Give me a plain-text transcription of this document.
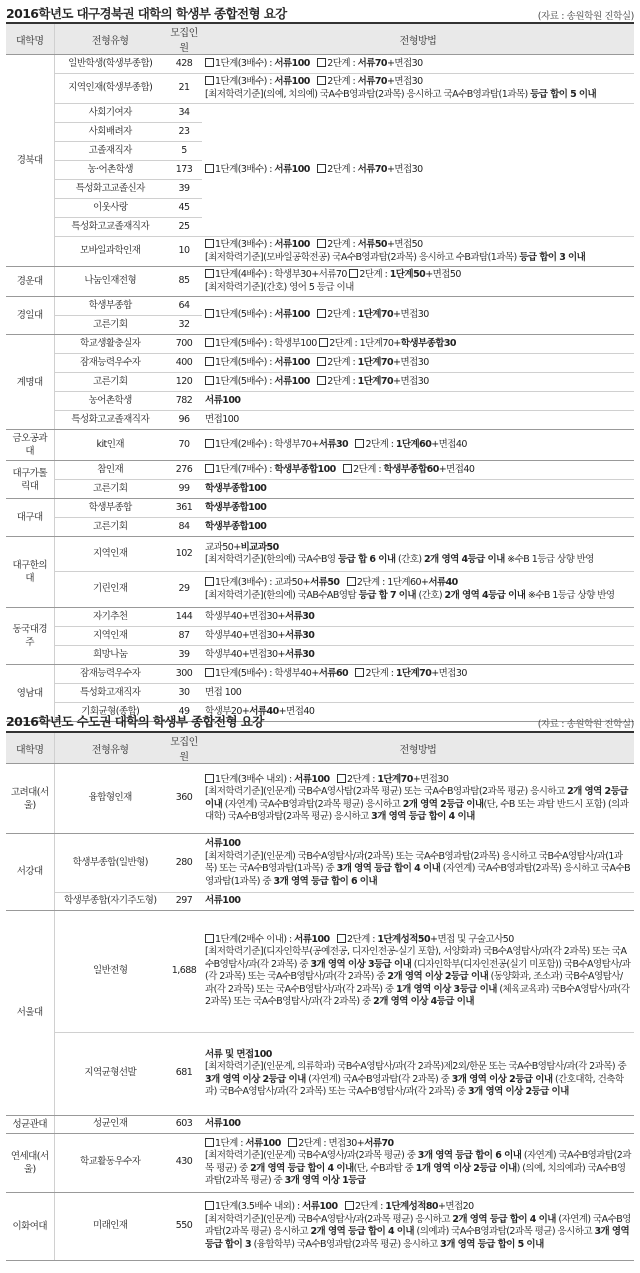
2016학년도 대구경북권 대학의 학생부 종합전형 요강	(자료 : 송원학원 진학실)
대학명	전형유형	모집인원	전형방법
경북대	일반학생(학생부종합)	428	1단계(3배수) : 서류100 2단계 : 서류70+면접30

	지역인재(학생부종합)	21	1단계(3배수) : 서류100 2단계 : 서류70+면접30
[최저학력기준](의예, 치의예) 국A수B영과탐(2과목) 응시하고 국A수B영과탐(1과목) 등급 합이 5 이내

	사회기여자	34	1단계(3배수) : 서류100 2단계 : 서류70+면접30

	사회배려자	23	
	고졸재직자	5	
	농·어촌학생	173	
	특성화고교졸신자	39	
	이웃사랑	45	
	특성화고교졸재직자	25	
	모바일과학인재	10	1단계(3배수) : 서류100 2단계 : 서류50+면접50
[최저학력기준](모바일공학전공) 국A수B영과탐(2과목) 응시하고 수B과탐(1과목) 등급 합이 3 이내

경운대	나눔인재전형	85	1단계(4배수) : 학생부30+서류70 2단계 : 1단계50+면접50
[최저학력기준](간호) 영어 5 등급 이내

경일대	학생부종합	64	1단계(5배수) : 서류100 2단계 : 1단계70+면접30

	고른기회	32	
계명대	학교생활충실자	700	1단계(5배수) : 학생부100 2단계 : 1단계70+학생부종합30

	잠재능력우수자	400	1단계(5배수) : 서류100 2단계 : 1단계70+면접30

	고른기회	120	1단계(5배수) : 서류100 2단계 : 1단계70+면접30

	농어촌학생	782	서류100

	특성화고교졸재직자	96	면접100

금오공과대	kit인재	70	1단계(2배수) : 학생부70+서류30 2단계 : 1단계60+면접40

대구가톨릭대	참인재	276	1단계(7배수) : 학생부종합100 2단계 : 학생부종합60+면접40

	고른기회	99	학생부종합100

대구대	학생부종합	361	학생부종합100

	고른기회	84	학생부종합100

대구한의대	지역인재	102	교과50+비교과50
[최저학력기준](한의예) 국A수B영 등급 합 6 이내 (간호) 2개 영역 4등급 이내 ※수B 1등급 상향 반영

	기린인재	29	1단계(3배수) : 교과50+서류50 2단계 : 1단계60+서류40
[최저학력기준](한의예) 국AB수AB영탐 등급 합 7 이내 (간호) 2개 영역 4등급 이내 ※수B 1등급 상향 반영

동국대경주	자기추천	144	학생부40+면접30+서류30

	지역인재	87	학생부40+면접30+서류30

	희망나눔	39	학생부40+면접30+서류30

영남대	잠재능력우수자	300	1단계(5배수) : 학생부40+서류60 2단계 : 1단계70+면접30

	특성화고재직자	30	면접 100

	기회균형(종합)	49	학생부20+서류40+면접40
2016학년도 수도권 대학의 학생부 종합전형 요강	(자료 : 송원학원 진학실)
대학명	전형유형	모집인원	전형방법
고려대(서울)	융합형인재	360	1단계(3배수 내외) : 서류100 2단계 : 1단계70+면접30
[최저학력기준](인문계) 국B수A영사탐(2과목 평균) 또는 국A수B영과탐(2과목 평균) 응시하고 2개 영역 2등급 이내 (자연계) 국A수B영과탐(2과목 평균) 응시하고 2개 영역 2등급 이내(단, 수B 또는 과탐 반드시 포함) (의과대학) 국A수B영과탐(2과목 평균) 응시하고 3개 영역 등급 합이 4 이내

서강대	학생부종합(일반형)	280	서류100
[최저학력기준](인문계) 국B수A영탐사/과(2과목) 또는 국A수B영과탐(2과목) 응시하고 국B수A영탐사/과(1과목) 또는 국A수B영과탐(1과목) 중 3개 영역 등급 합이 4 이내 (자연계) 국A수B영과탐(2과목) 응시하고 국A수B영과탐(1과목) 중 3개 영역 등급 합이 6 이내

	학생부종합(자기주도형)	297	서류100

서울대	일반전형	1,688	1단계(2배수 이내) : 서류100 2단계 : 1단계성적50+면접 및 구술고사50
[최저학력기준](디자인학부(공예전공, 디자인전공-실기 포함), 서양화과) 국B수A영탐사/과(각 2과목) 또는 국A수B영탐사/과(각 2과목) 중 3개 영역 이상 3등급 이내 (디자인학부(디자인전공(실기 미포함)) 국B수A영탐사/과(각 2과목) 또는 국A수B영탐사/과(각 2과목) 중 2개 영역 이상 2등급 이내 (동양화과, 조소과) 국B수A영탐사/과(각 2과목) 또는 국A수B영탐사/과(각 2과목) 중 1개 영역 이상 3등급 이내 (체육교육과) 국B수A영탐사/과(각 2과목) 또는 국A수B영탐사/과(각 2과목) 중 2개 영역 이상 4등급 이내

	지역균형선발	681	서류 및 면접100
[최저학력기준](인문계, 의류학과) 국B수A영탐사/과(각 2과목)제2외/한문 또는 국A수B영탐사/과(각 2과목) 중 3개 영역 이상 2등급 이내 (자연계) 국A수B영과탐(각 2과목) 중 3개 영역 이상 2등급 이내 (간호대학, 건축학과) 국B수A영탐사/과(각 2과목) 또는 국A수B영탐사/과(각 2과목) 중 3개 영역 이상 2등급 이내

성균관대	성균인재	603	서류100

연세대(서울)	학교활동우수자	430	1단계 : 서류100 2단계 : 면접30+서류70
[최저학력기준](인문계) 국B수A영사/과(2과목 평균) 중 3개 영역 등급 합이 6 이내 (자연계) 국A수B영과탐(2과목 평균) 중 2개 영역 등급 합이 4 이내(단, 수B과탐 중 1개 영역 이상 2등급 이내) (의예, 치의예과) 국A수B영과탐(2과목 평균) 중 3개 영역 이상 1등급

이화여대	미래인재	550	1단계(3.5배수 내외) : 서류100 2단계 : 1단계성적80+면접20
[최저학력기준](인문계) 국B수A영탐사/과(2과목 평균) 응시하고 2개 영역 등급 합이 4 이내 (자연계) 국A수B영과탐(2과목 평균) 응시하고 2개 영역 등급 합이 4 이내 (의예과) 국A수B영과탐(2과목 평균) 응시하고 3개 영역 등급 합이 3 (융합학부) 국A수B영과탐(2과목 평균) 응시하고 3개 영역 등급 합이 5 이내
